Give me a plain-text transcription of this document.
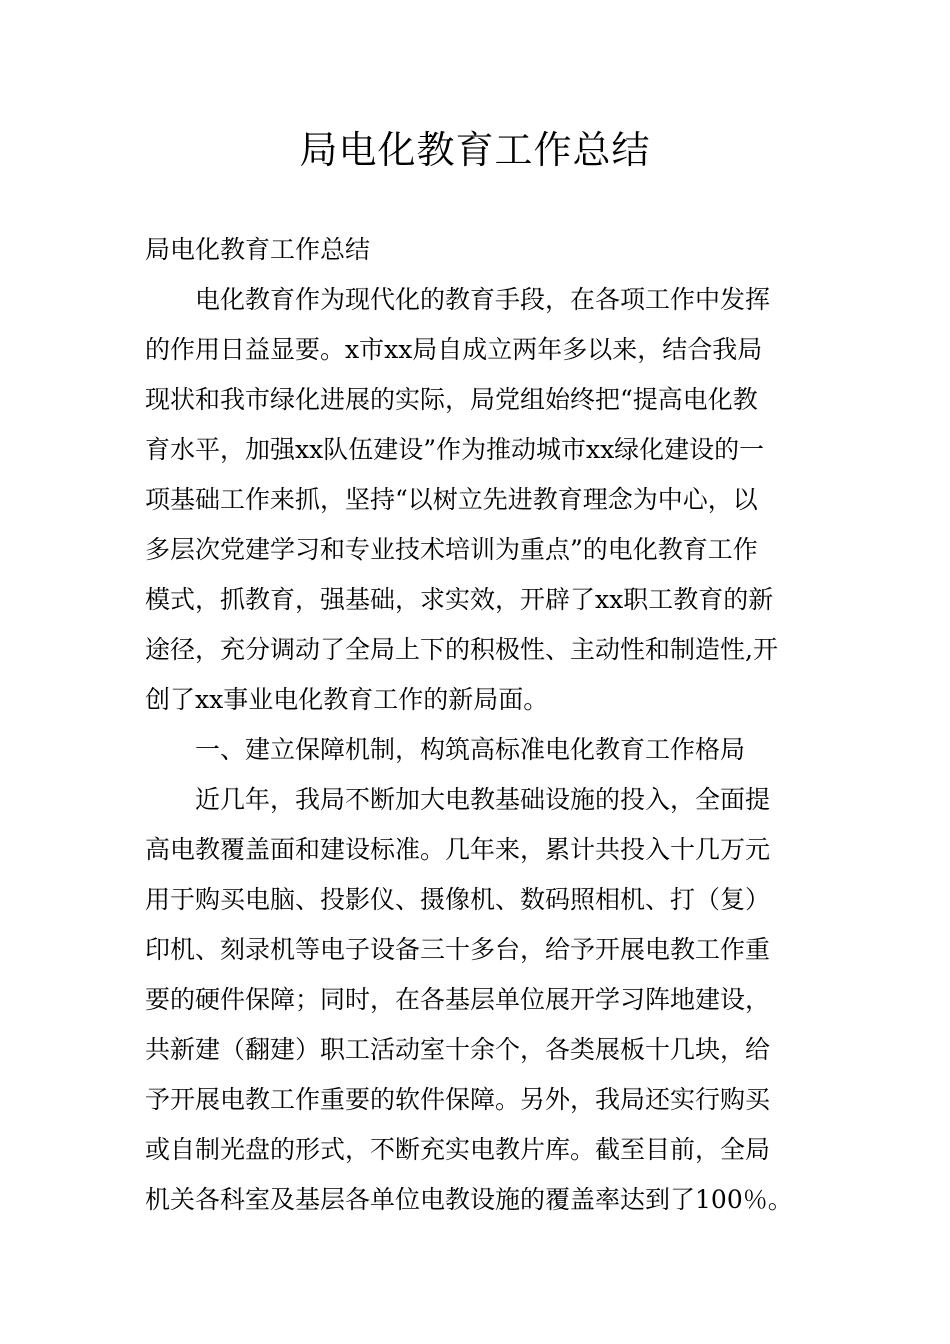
局电化教育工作总结
局电化教育工作总结
电化教育作为现代化的教育手段，在各项工作中发挥
的作用日益显要。x市xx局自成立两年多以来，结合我局
现状和我市绿化进展的实际，局党组始终把“提高电化教
育水平，加强xx队伍建设”作为推动城市xx绿化建设的一
项基础工作来抓，坚持“以树立先进教育理念为中心，以
多层次党建学习和专业技术培训为重点”的电化教育工作
模式，抓教育，强基础，求实效，开辟了xx职工教育的新
途径，充分调动了全局上下的积极性、主动性和制造性,开
创了xx事业电化教育工作的新局面。
一、建立保障机制，构筑高标准电化教育工作格局
近几年，我局不断加大电教基础设施的投入，全面提
高电教覆盖面和建设标准。几年来，累计共投入十几万元
用于购买电脑、投影仪、摄像机、数码照相机、打（复）
印机、刻录机等电子设备三十多台，给予开展电教工作重
要的硬件保障；同时，在各基层单位展开学习阵地建设，
共新建（翻建）职工活动室十余个，各类展板十几块，给
予开展电教工作重要的软件保障。另外，我局还实行购买
或自制光盘的形式，不断充实电教片库。截至目前，全局
机关各科室及基层各单位电教设施的覆盖率达到了100％。
